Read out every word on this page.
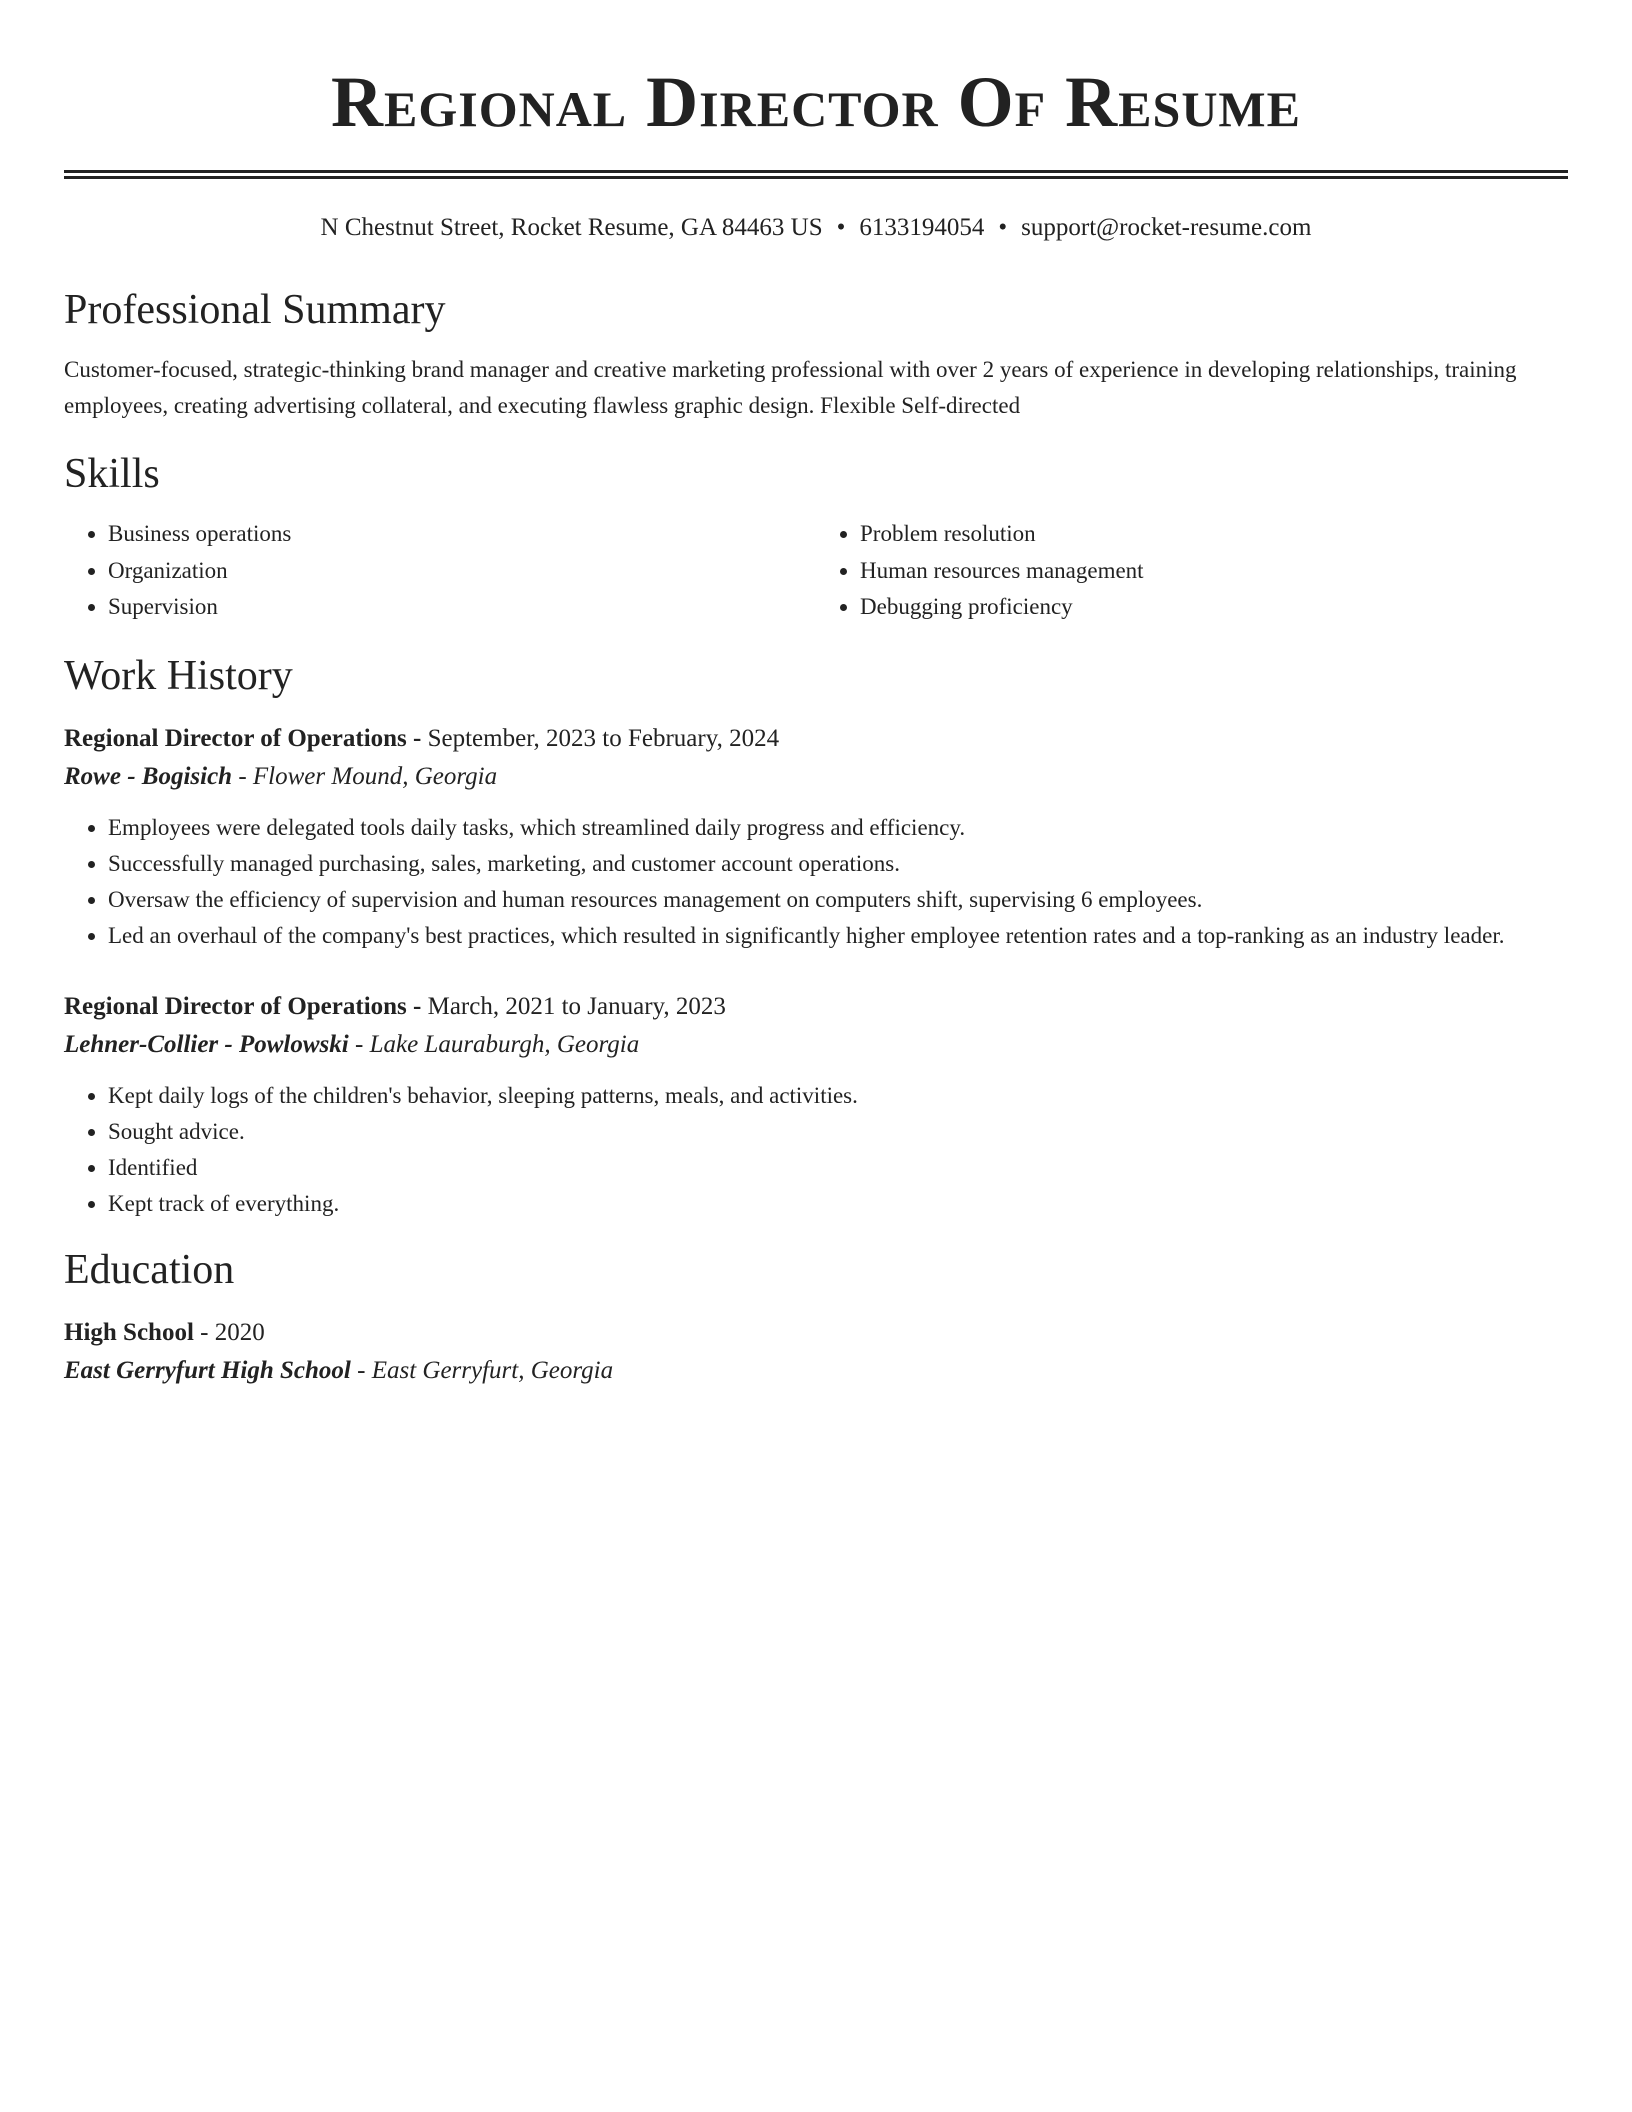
Regional Director Of Resume
N Chestnut Street, Rocket Resume, GA 84463 US • 6133194054 • support@rocket-resume.com
Professional Summary
Customer-focused, strategic-thinking brand manager and creative marketing professional with over 2 years of experience in developing relationships, training employees, creating advertising collateral, and executing flawless graphic design. Flexible Self-directed
Skills
• Business operations
• Organization
• Supervision
• Problem resolution
• Human resources management
• Debugging proficiency
Work History
Regional Director of Operations - September, 2023 to February, 2024
Rowe - Bogisich - Flower Mound, Georgia
• Employees were delegated tools daily tasks, which streamlined daily progress and efficiency.
• Successfully managed purchasing, sales, marketing, and customer account operations.
• Oversaw the efficiency of supervision and human resources management on computers shift, supervising 6 employees.
• Led an overhaul of the company's best practices, which resulted in significantly higher employee retention rates and a top-ranking as an industry leader.
Regional Director of Operations - March, 2021 to January, 2023
Lehner-Collier - Powlowski - Lake Lauraburgh, Georgia
• Kept daily logs of the children's behavior, sleeping patterns, meals, and activities.
• Sought advice.
• Identified
• Kept track of everything.
Education
High School - 2020
East Gerryfurt High School - East Gerryfurt, Georgia
